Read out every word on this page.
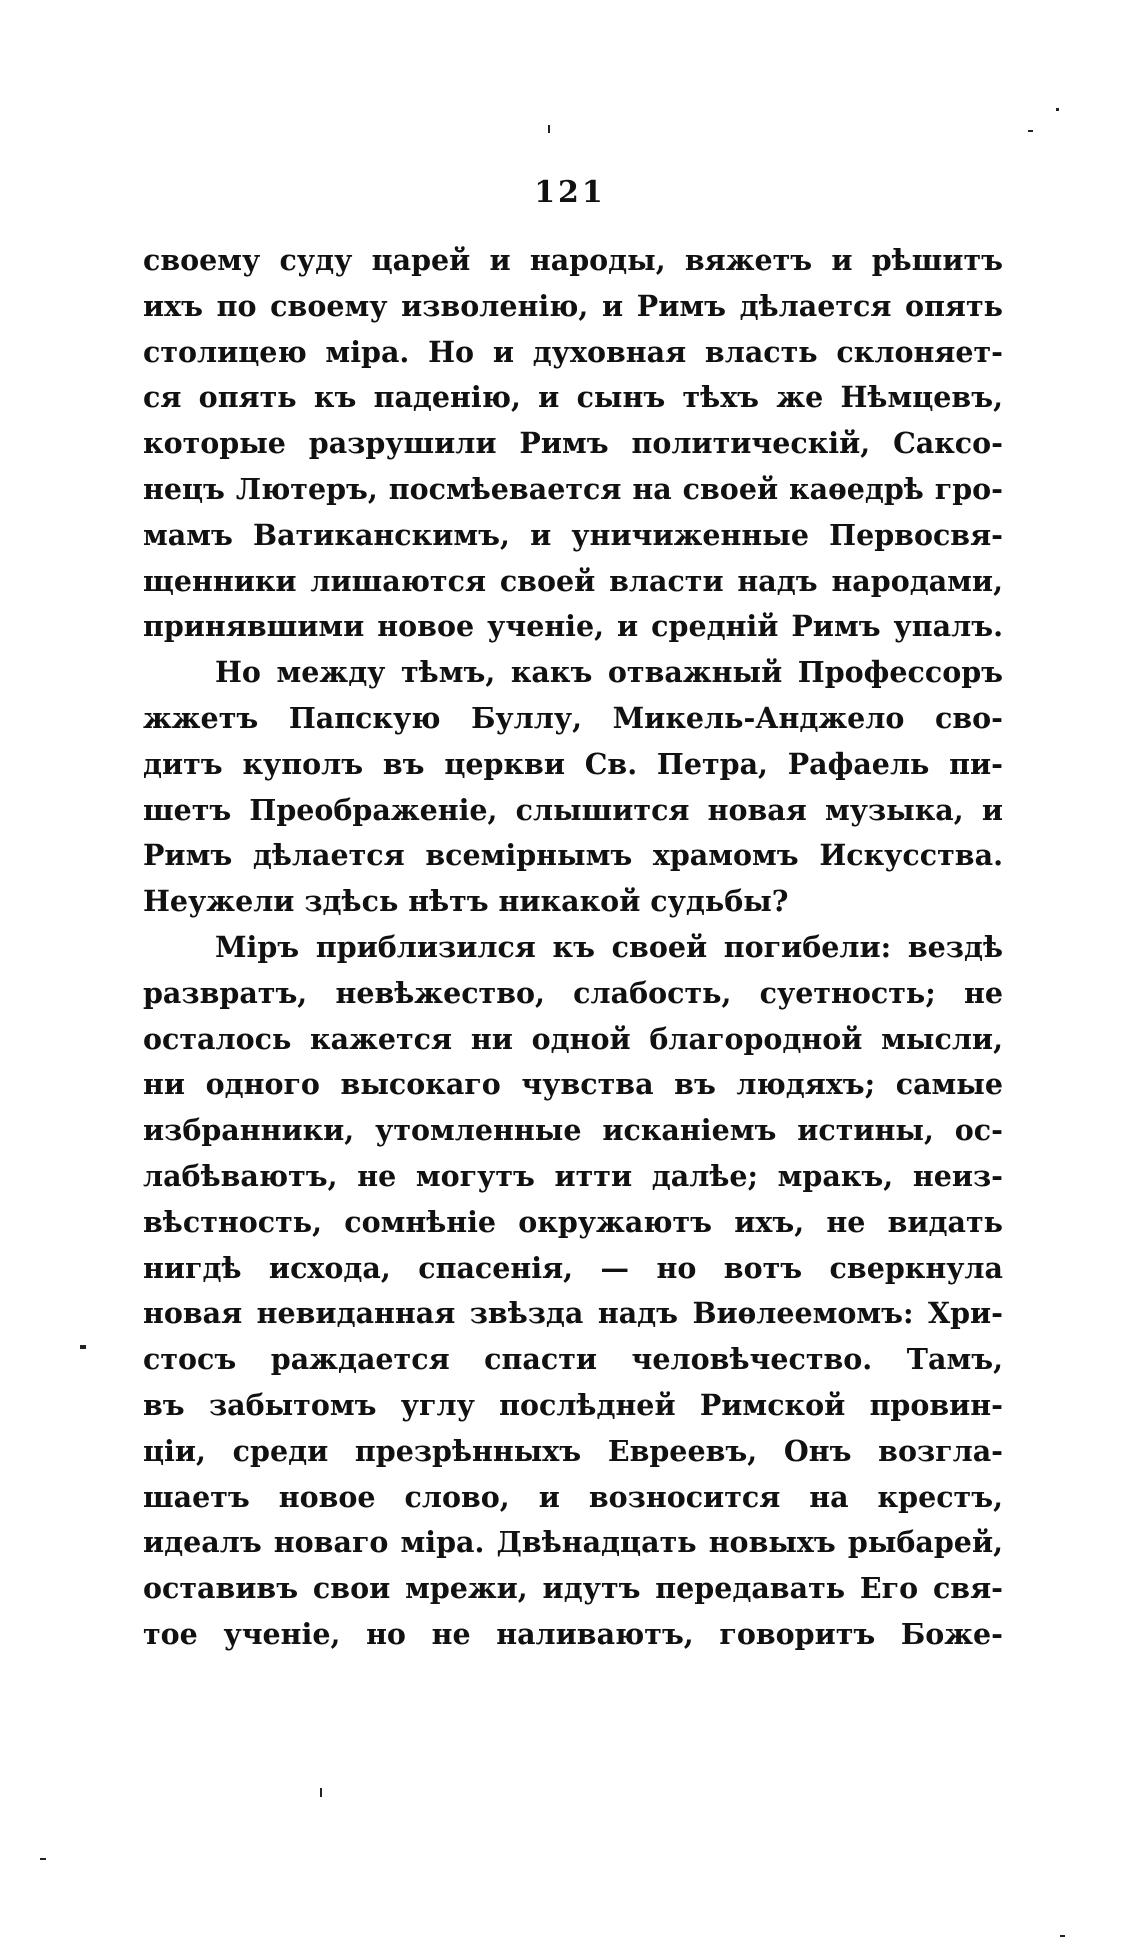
121
своему суду царей и народы, вяжетъ и рѣшитъ
ихъ по своему изволенію, и Римъ дѣлается опять
столицею міра. Но и духовная власть склоняет-
ся опять къ паденію, и сынъ тѣхъ же Нѣмцевъ,
которые разрушили Римъ политическій, Саксо-
нецъ Лютеръ, посмѣевается на своей каѳедрѣ гро-
мамъ Ватиканскимъ, и уничиженные Первосвя-
щенники лишаются своей власти надъ народами,
принявшими новое ученіе, и средній Римъ упалъ.
Но между тѣмъ, какъ отважный Профессоръ
жжетъ Папскую Буллу, Микель-Анджело сво-
дитъ куполъ въ церкви Св. Петра, Рафаель пи-
шетъ Преображеніе, слышится новая музыка, и
Римъ дѣлается всемірнымъ храмомъ Искусства.
Неужели здѣсь нѣтъ никакой судьбы?
Міръ приблизился къ своей погибели: вездѣ
развратъ, невѣжество, слабость, суетность; не
осталось кажется ни одной благородной мысли,
ни одного высокаго чувства въ людяхъ; самые
избранники, утомленные исканіемъ истины, ос-
лабѣваютъ, не могутъ итти далѣе; мракъ, неиз-
вѣстность, сомнѣніе окружаютъ ихъ, не видать
нигдѣ исхода, спасенія, — но вотъ сверкнула
новая невиданная звѣзда надъ Виѳлеемомъ: Хри-
стосъ раждается спасти человѣчество. Тамъ,
въ забытомъ углу послѣдней Римской провин-
ціи, среди презрѣнныхъ Евреевъ, Онъ возгла-
шаетъ новое слово, и возносится на крестъ,
идеалъ новаго міра. Двѣнадцать новыхъ рыбарей,
оставивъ свои мрежи, идутъ передавать Его свя-
тое ученіе, но не наливаютъ, говоритъ Боже-
